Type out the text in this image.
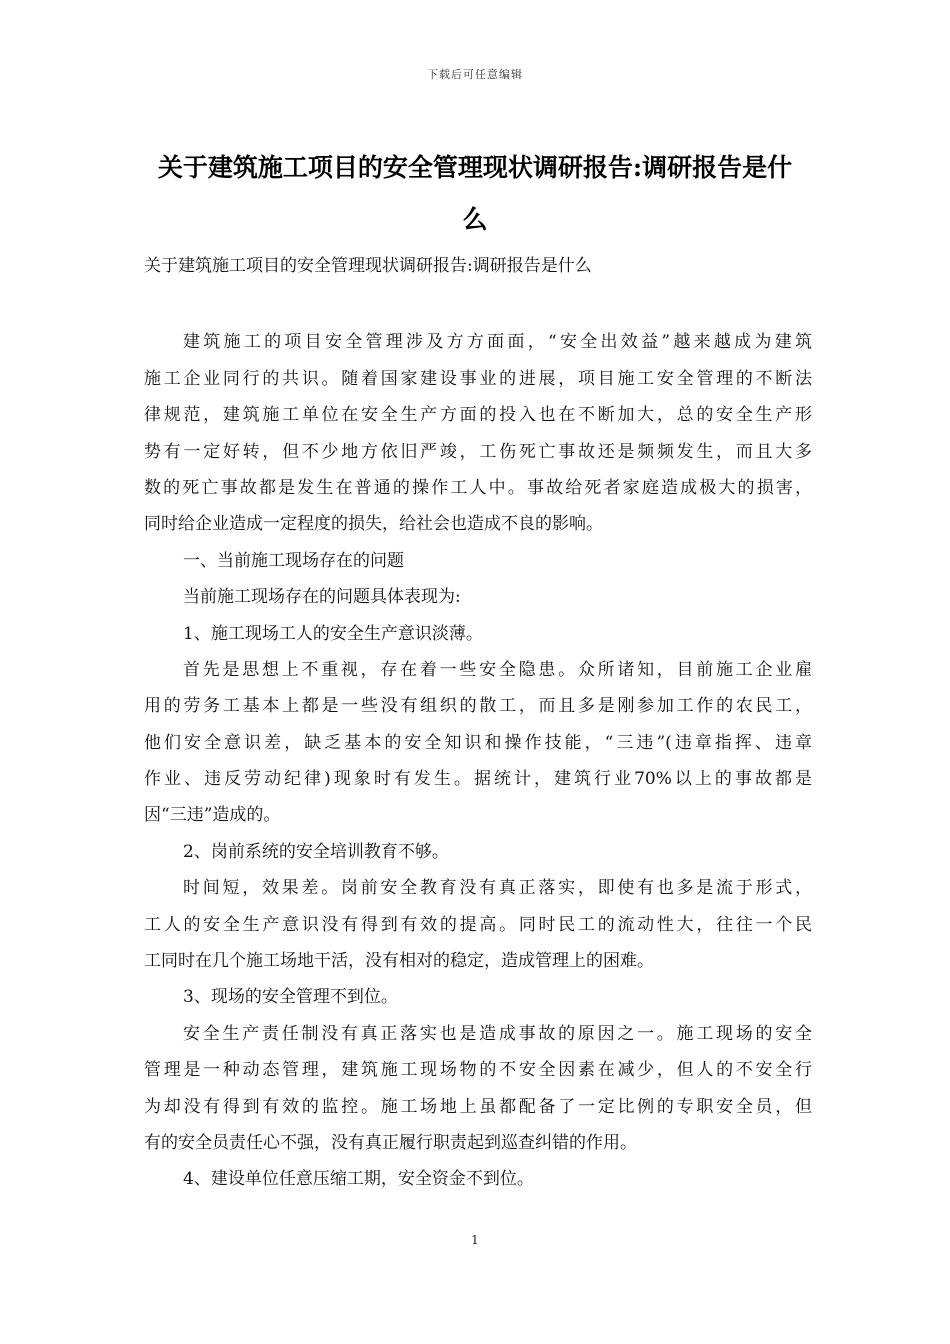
下载后可任意编辑
关于建筑施工项目的安全管理现状调研报告:调研报告是什
么

关于建筑施工项目的安全管理现状调研报告:调研报告是什么

建筑施工的项目安全管理涉及方方面面，“安全出效益”越来越成为建筑

施工企业同行的共识。随着国家建设事业的进展，项目施工安全管理的不断法

律规范，建筑施工单位在安全生产方面的投入也在不断加大，总的安全生产形

势有一定好转，但不少地方依旧严竣，工伤死亡事故还是频频发生，而且大多

数的死亡事故都是发生在普通的操作工人中。事故给死者家庭造成极大的损害，

同时给企业造成一定程度的损失，给社会也造成不良的影响。

一、当前施工现场存在的问题

当前施工现场存在的问题具体表现为:

1、施工现场工人的安全生产意识淡薄。

首先是思想上不重视，存在着一些安全隐患。众所诸知，目前施工企业雇

用的劳务工基本上都是一些没有组织的散工，而且多是刚参加工作的农民工，

他们安全意识差，缺乏基本的安全知识和操作技能，“三违”(违章指挥、违章

作业、违反劳动纪律)现象时有发生。据统计，建筑行业70%以上的事故都是

因“三违”造成的。

2、岗前系统的安全培训教育不够。

时间短，效果差。岗前安全教育没有真正落实，即使有也多是流于形式，

工人的安全生产意识没有得到有效的提高。同时民工的流动性大，往往一个民

工同时在几个施工场地干活，没有相对的稳定，造成管理上的困难。

3、现场的安全管理不到位。

安全生产责任制没有真正落实也是造成事故的原因之一。施工现场的安全

管理是一种动态管理，建筑施工现场物的不安全因素在减少，但人的不安全行

为却没有得到有效的监控。施工场地上虽都配备了一定比例的专职安全员，但

有的安全员责任心不强，没有真正履行职责起到巡查纠错的作用。

4、建设单位任意压缩工期，安全资金不到位。

1
